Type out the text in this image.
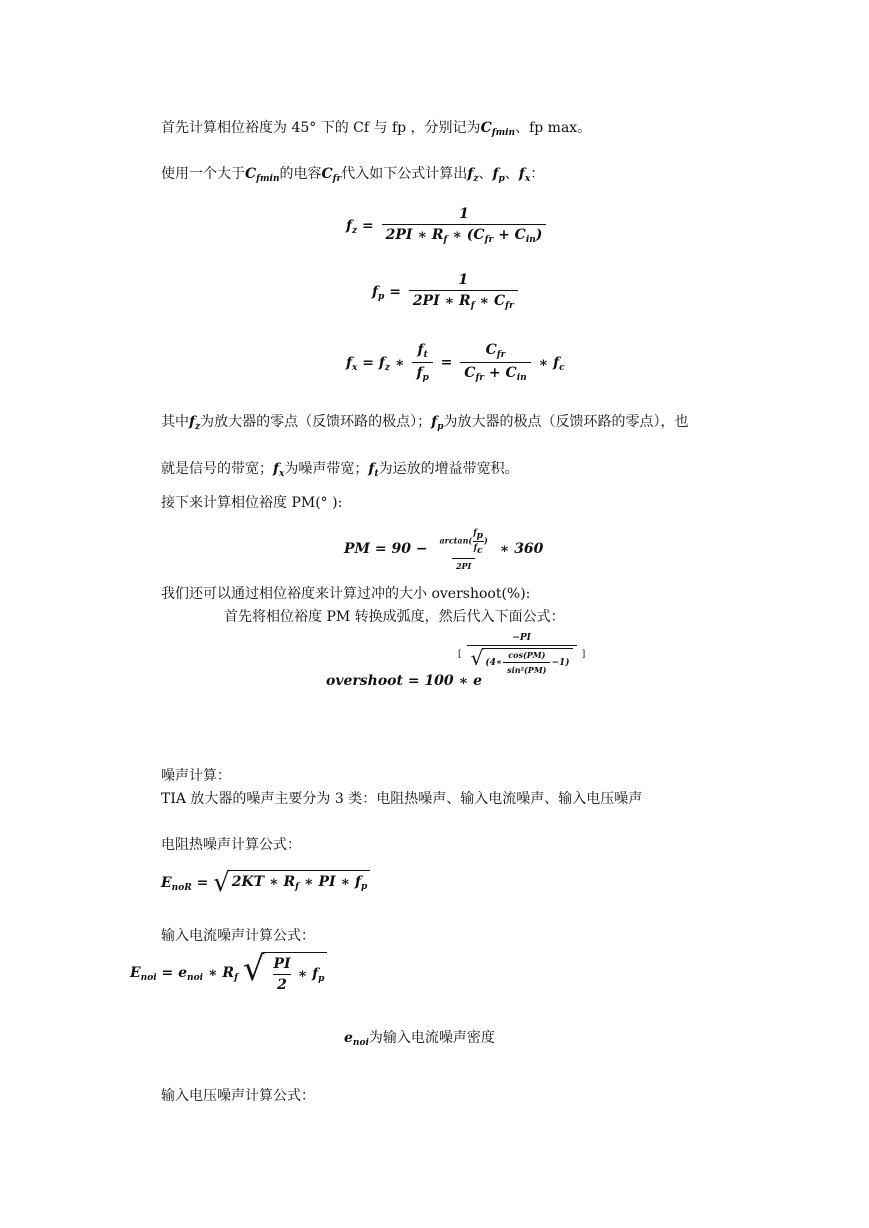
首先计算相位裕度为 45° 下的 Cf 与 fp ，分别记为$C_{fmin}$、fp max。
使用一个大于$C_{fmin}$的电容$C_{fr}$代入如下公式计算出$f_z$、$f_p$、$f_x$：
$f_z = \frac{1}{2PI ∗ R_f ∗ (C_{fr} + C_{in})}$
$f_p = \frac{1}{2PI ∗ R_f ∗ C_{fr}}$
$f_x = f_z$ ∗ $\frac{f_t}{f_p} = \frac{C_{fr}}{C_{fr} + C_{in}}$ ∗ $f_c$
其中$f_z$为放大器的零点（反馈环路的极点）；$f_p$为放大器的极点（反馈环路的零点），也
就是信号的带宽；$f_x$为噪声带宽；$f_t$为运放的增益带宽积。
接下来计算相位裕度 PM(° ):
PM = $90 - \frac{\arctan( \frac{fp}{fc} )}{2PI}$ ∗ 360
我们还可以通过相位裕度来计算过冲的大小 overshoot(%):
首先将相位裕度 PM 转换成弧度，然后代入下面公式：
overshoot = 100 ∗ e
[ $\frac{-PI}{√ (4∗ \frac{\cos(PM)}{\text{sin²(PM)}} -1)}$ ]
噪声计算：
TIA 放大器的噪声主要分为 3 类：电阻热噪声、输入电流噪声、输入电压噪声
电阻热噪声计算公式：
$E_{noR}$ = √ 2KT ∗ $R_f$ ∗ PI ∗ $f_p$
输入电流噪声计算公式：
$E_{noi} = e_{noi}$ ∗ $R_f$ √ $\frac{PI}{2}$ ∗ $f_p$
$e_{noi}$为输入电流噪声密度
输入电压噪声计算公式：
